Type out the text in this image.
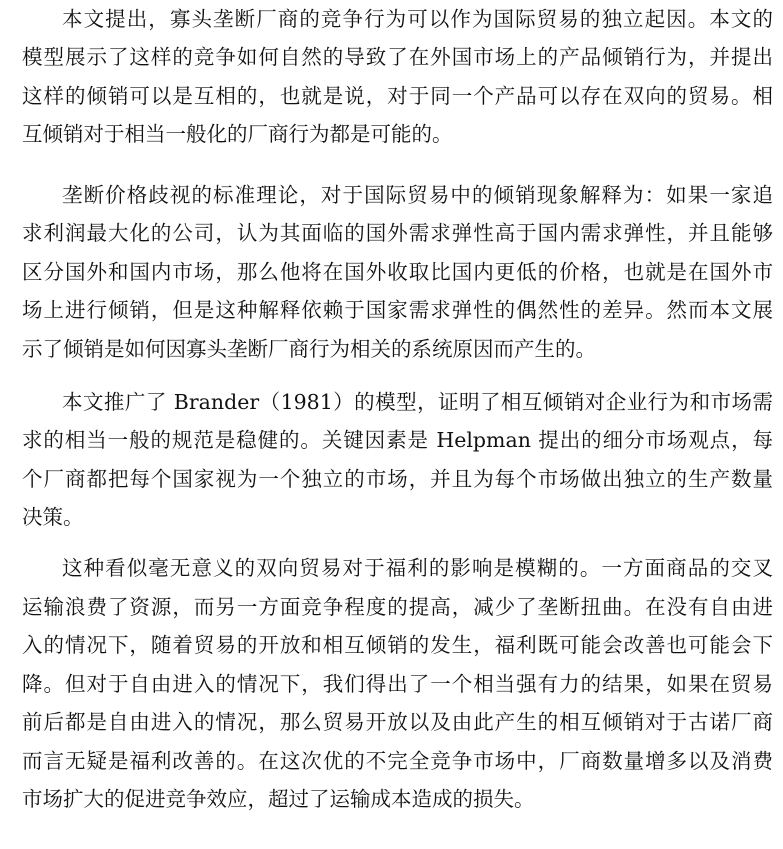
本文提出，寡头垄断厂商的竞争行为可以作为国际贸易的独立起因。本文的
模型展示了这样的竞争如何自然的导致了在外国市场上的产品倾销行为，并提出
这样的倾销可以是互相的，也就是说，对于同一个产品可以存在双向的贸易。相
互倾销对于相当一般化的厂商行为都是可能的。
垄断价格歧视的标准理论，对于国际贸易中的倾销现象解释为：如果一家追
求利润最大化的公司，认为其面临的国外需求弹性高于国内需求弹性，并且能够
区分国外和国内市场，那么他将在国外收取比国内更低的价格，也就是在国外市
场上进行倾销，但是这种解释依赖于国家需求弹性的偶然性的差异。然而本文展
示了倾销是如何因寡头垄断厂商行为相关的系统原因而产生的。
本文推广了 Brander（1981）的模型，证明了相互倾销对企业行为和市场需
求的相当一般的规范是稳健的。关键因素是 Helpman 提出的细分市场观点，每
个厂商都把每个国家视为一个独立的市场，并且为每个市场做出独立的生产数量
决策。
这种看似毫无意义的双向贸易对于福利的影响是模糊的。一方面商品的交叉
运输浪费了资源，而另一方面竞争程度的提高，减少了垄断扭曲。在没有自由进
入的情况下，随着贸易的开放和相互倾销的发生，福利既可能会改善也可能会下
降。但对于自由进入的情况下，我们得出了一个相当强有力的结果，如果在贸易
前后都是自由进入的情况，那么贸易开放以及由此产生的相互倾销对于古诺厂商
而言无疑是福利改善的。在这次优的不完全竞争市场中，厂商数量增多以及消费
市场扩大的促进竞争效应，超过了运输成本造成的损失。
